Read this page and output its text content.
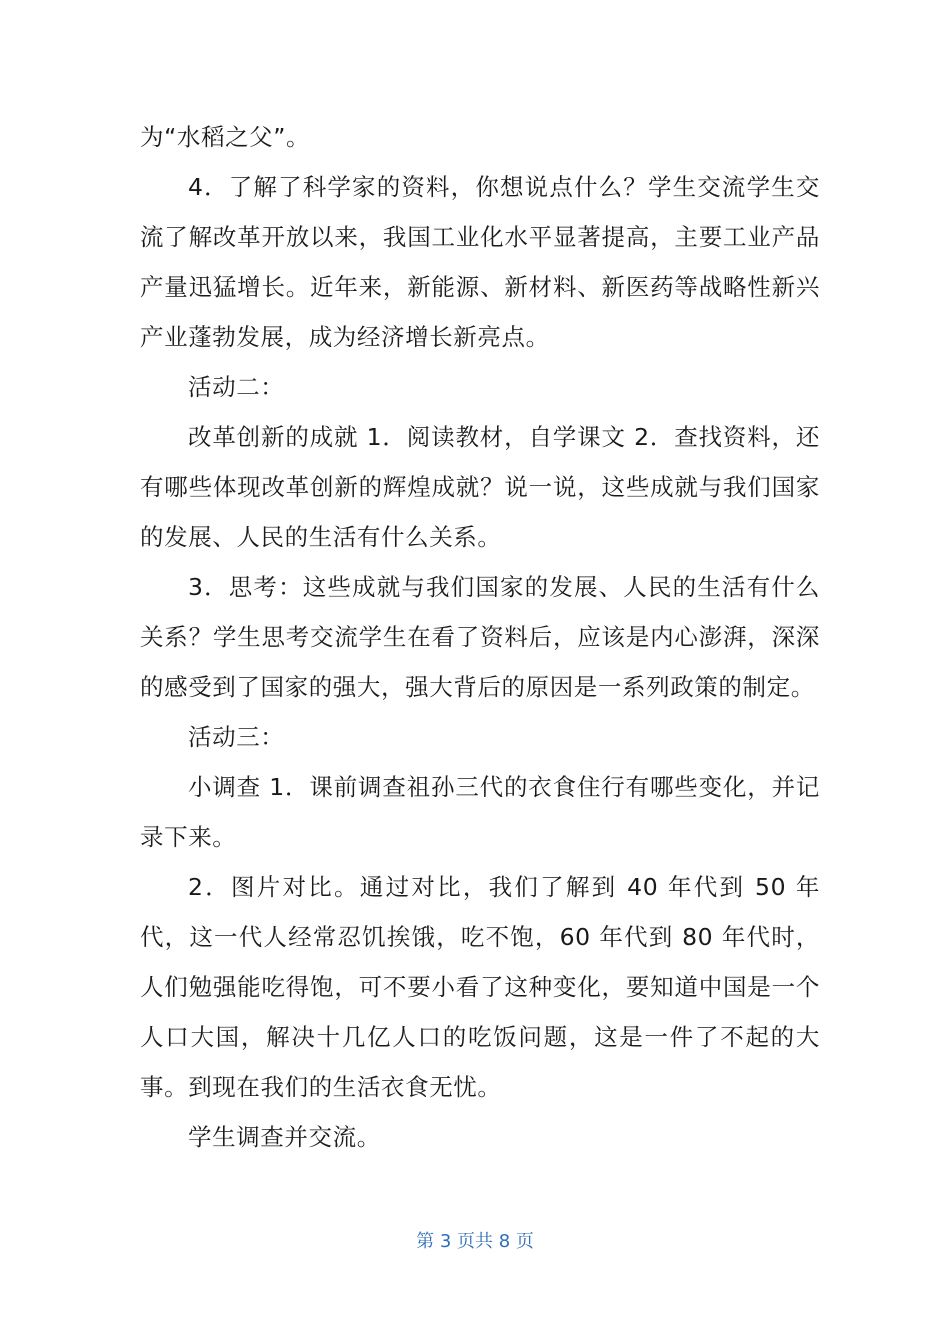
为“水稻之父”。

4．了解了科学家的资料，你想说点什么？学生交流学生交流了解改革开放以来，我国工业化水平显著提高，主要工业产品产量迅猛增长。近年来，新能源、新材料、新医药等战略性新兴产业蓬勃发展，成为经济增长新亮点。

活动二：

改革创新的成就 1．阅读教材，自学课文 2．查找资料，还有哪些体现改革创新的辉煌成就？说一说，这些成就与我们国家的发展、人民的生活有什么关系。

3．思考：这些成就与我们国家的发展、人民的生活有什么关系？学生思考交流学生在看了资料后，应该是内心澎湃，深深的感受到了国家的强大，强大背后的原因是一系列政策的制定。

活动三：

小调查 1．课前调查祖孙三代的衣食住行有哪些变化，并记录下来。

2．图片对比。通过对比，我们了解到 40 年代到 50 年代，这一代人经常忍饥挨饿，吃不饱，60 年代到 80 年代时，人们勉强能吃得饱，可不要小看了这种变化，要知道中国是一个人口大国，解决十几亿人口的吃饭问题，这是一件了不起的大事。到现在我们的生活衣食无忧。

学生调查并交流。

第 3 页共 8 页
